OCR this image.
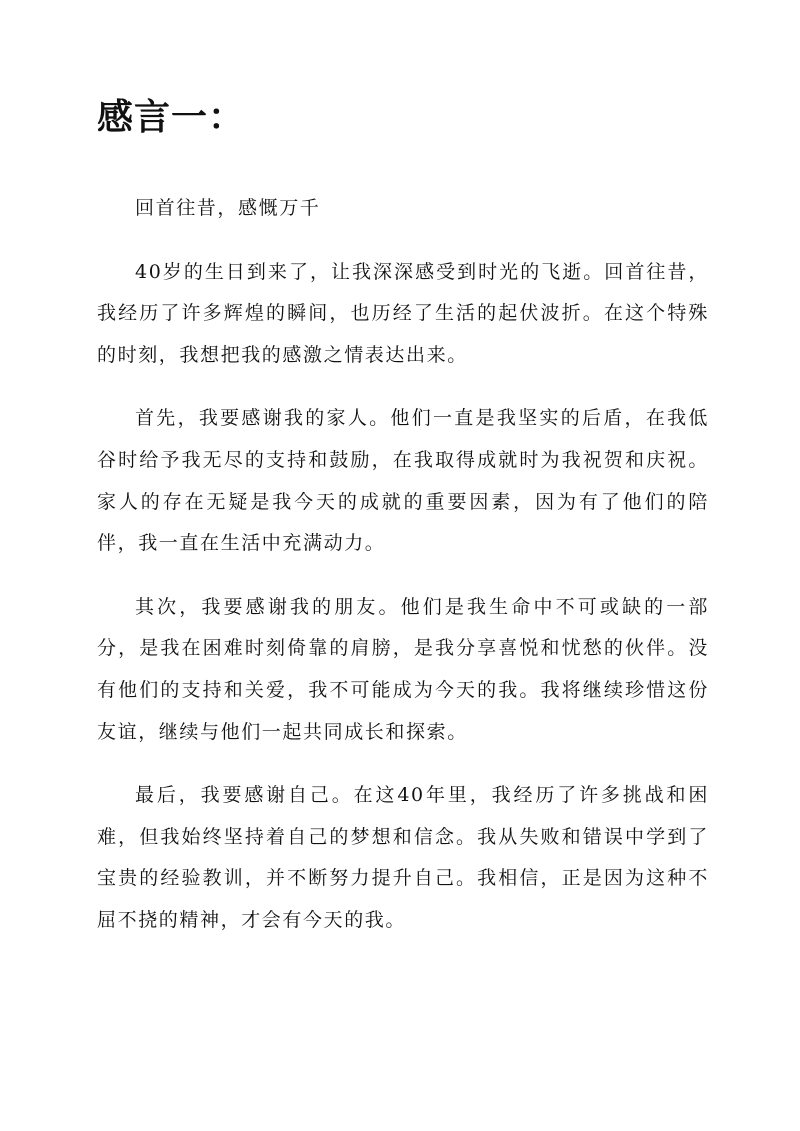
感言一：

回首往昔，感慨万千

40岁的生日到来了，让我深深感受到时光的飞逝。回首往昔，我经历了许多辉煌的瞬间，也历经了生活的起伏波折。在这个特殊的时刻，我想把我的感激之情表达出来。

首先，我要感谢我的家人。他们一直是我坚实的后盾，在我低谷时给予我无尽的支持和鼓励，在我取得成就时为我祝贺和庆祝。家人的存在无疑是我今天的成就的重要因素，因为有了他们的陪伴，我一直在生活中充满动力。

其次，我要感谢我的朋友。他们是我生命中不可或缺的一部分，是我在困难时刻倚靠的肩膀，是我分享喜悦和忧愁的伙伴。没有他们的支持和关爱，我不可能成为今天的我。我将继续珍惜这份友谊，继续与他们一起共同成长和探索。

最后，我要感谢自己。在这40年里，我经历了许多挑战和困难，但我始终坚持着自己的梦想和信念。我从失败和错误中学到了宝贵的经验教训，并不断努力提升自己。我相信，正是因为这种不屈不挠的精神，才会有今天的我。
